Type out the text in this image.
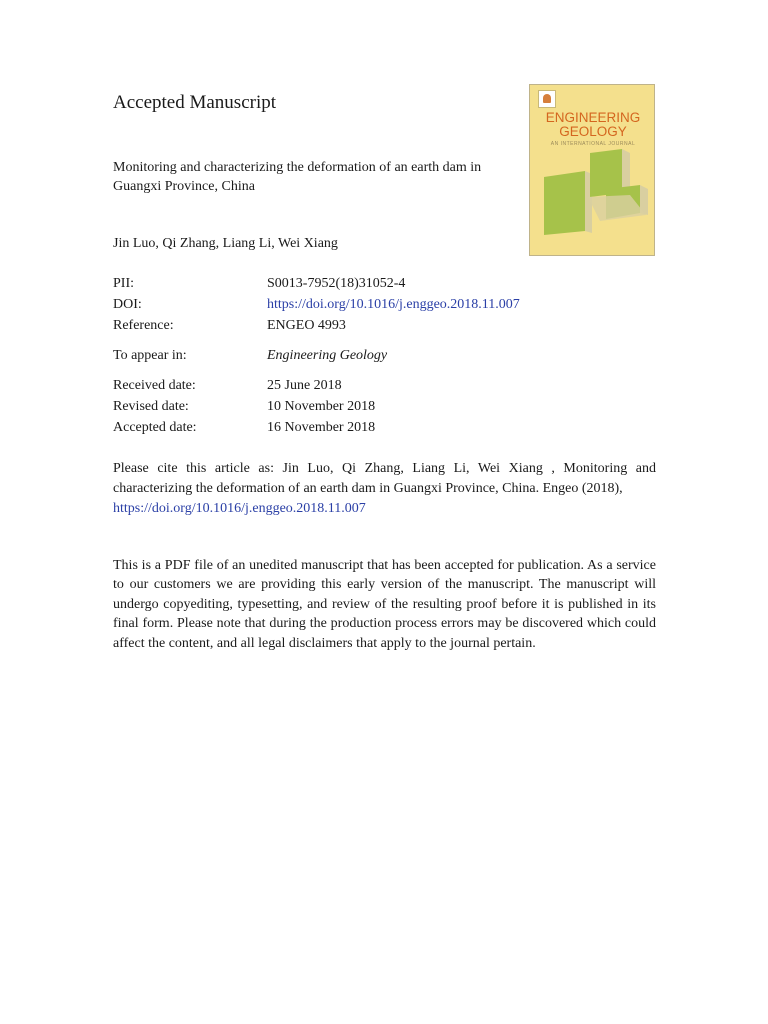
Accepted Manuscript

Monitoring and characterizing the deformation of an earth dam in Guangxi Province, China

Jin Luo, Qi Zhang, Liang Li, Wei Xiang

PII:	S0013-7952(18)31052-4
DOI:	https://doi.org/10.1016/j.enggeo.2018.11.007
Reference:	ENGEO 4993
To appear in:	Engineering Geology
Received date:	25 June 2018
Revised date:	10 November 2018
Accepted date:	16 November 2018

Please cite this article as: Jin Luo, Qi Zhang, Liang Li, Wei Xiang , Monitoring and characterizing the deformation of an earth dam in Guangxi Province, China. Engeo (2018),
https://doi.org/10.1016/j.enggeo.2018.11.007

This is a PDF file of an unedited manuscript that has been accepted for publication. As a service to our customers we are providing this early version of the manuscript. The manuscript will undergo copyediting, typesetting, and review of the resulting proof before it is published in its final form. Please note that during the production process errors may be discovered which could affect the content, and all legal disclaimers that apply to the journal pertain.

ENGINEERING
GEOLOGY
AN INTERNATIONAL JOURNAL
